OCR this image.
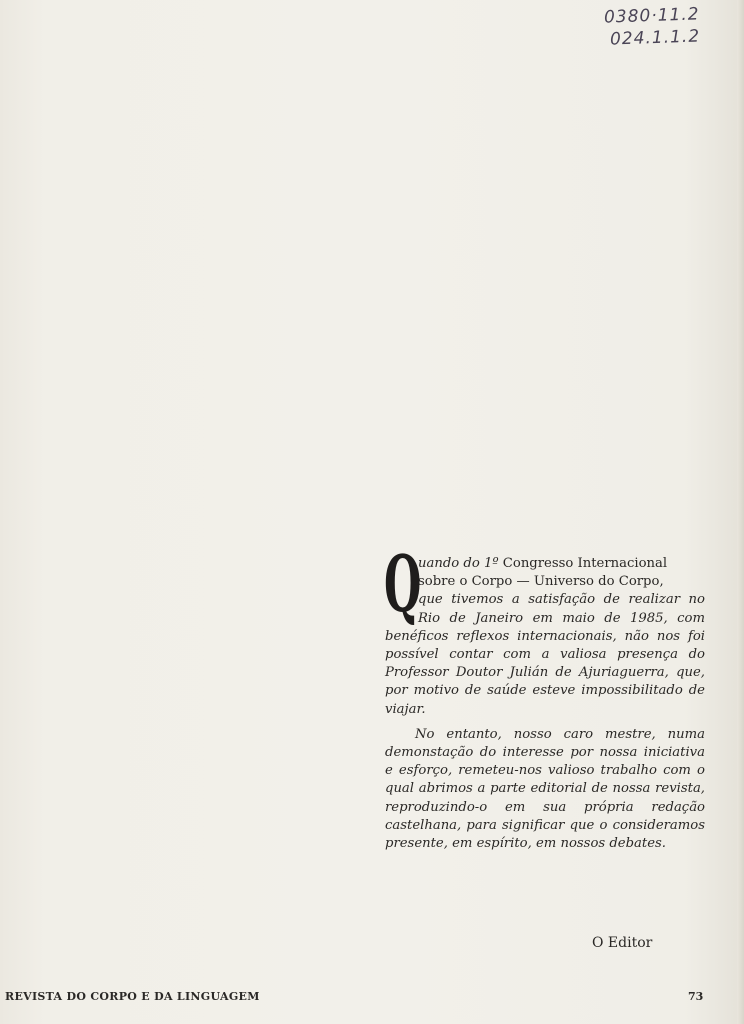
0380·11.2
024.1.1.2

Q
uando do 1º Congresso Internacional
sobre o Corpo — Universo do Corpo,
que tivemos a satisfação de realizar no Rio de Janeiro em maio de 1985, com benéficos reflexos internacionais, não nos foi possível contar com a valiosa presença do Professor Doutor Julián de Ajuriaguerra, que, por motivo de saúde esteve impossibilitado de viajar.

No entanto, nosso caro mestre, numa demonstação do interesse por nossa iniciativa e esforço, remeteu-nos valioso trabalho com o qual abrimos a parte editorial de nossa revista, reproduzindo-o em sua própria redação castelhana, para significar que o consideramos presente, em espírito, em nossos debates.

O Editor
REVISTA DO CORPO E DA LINGUAGEM	73
